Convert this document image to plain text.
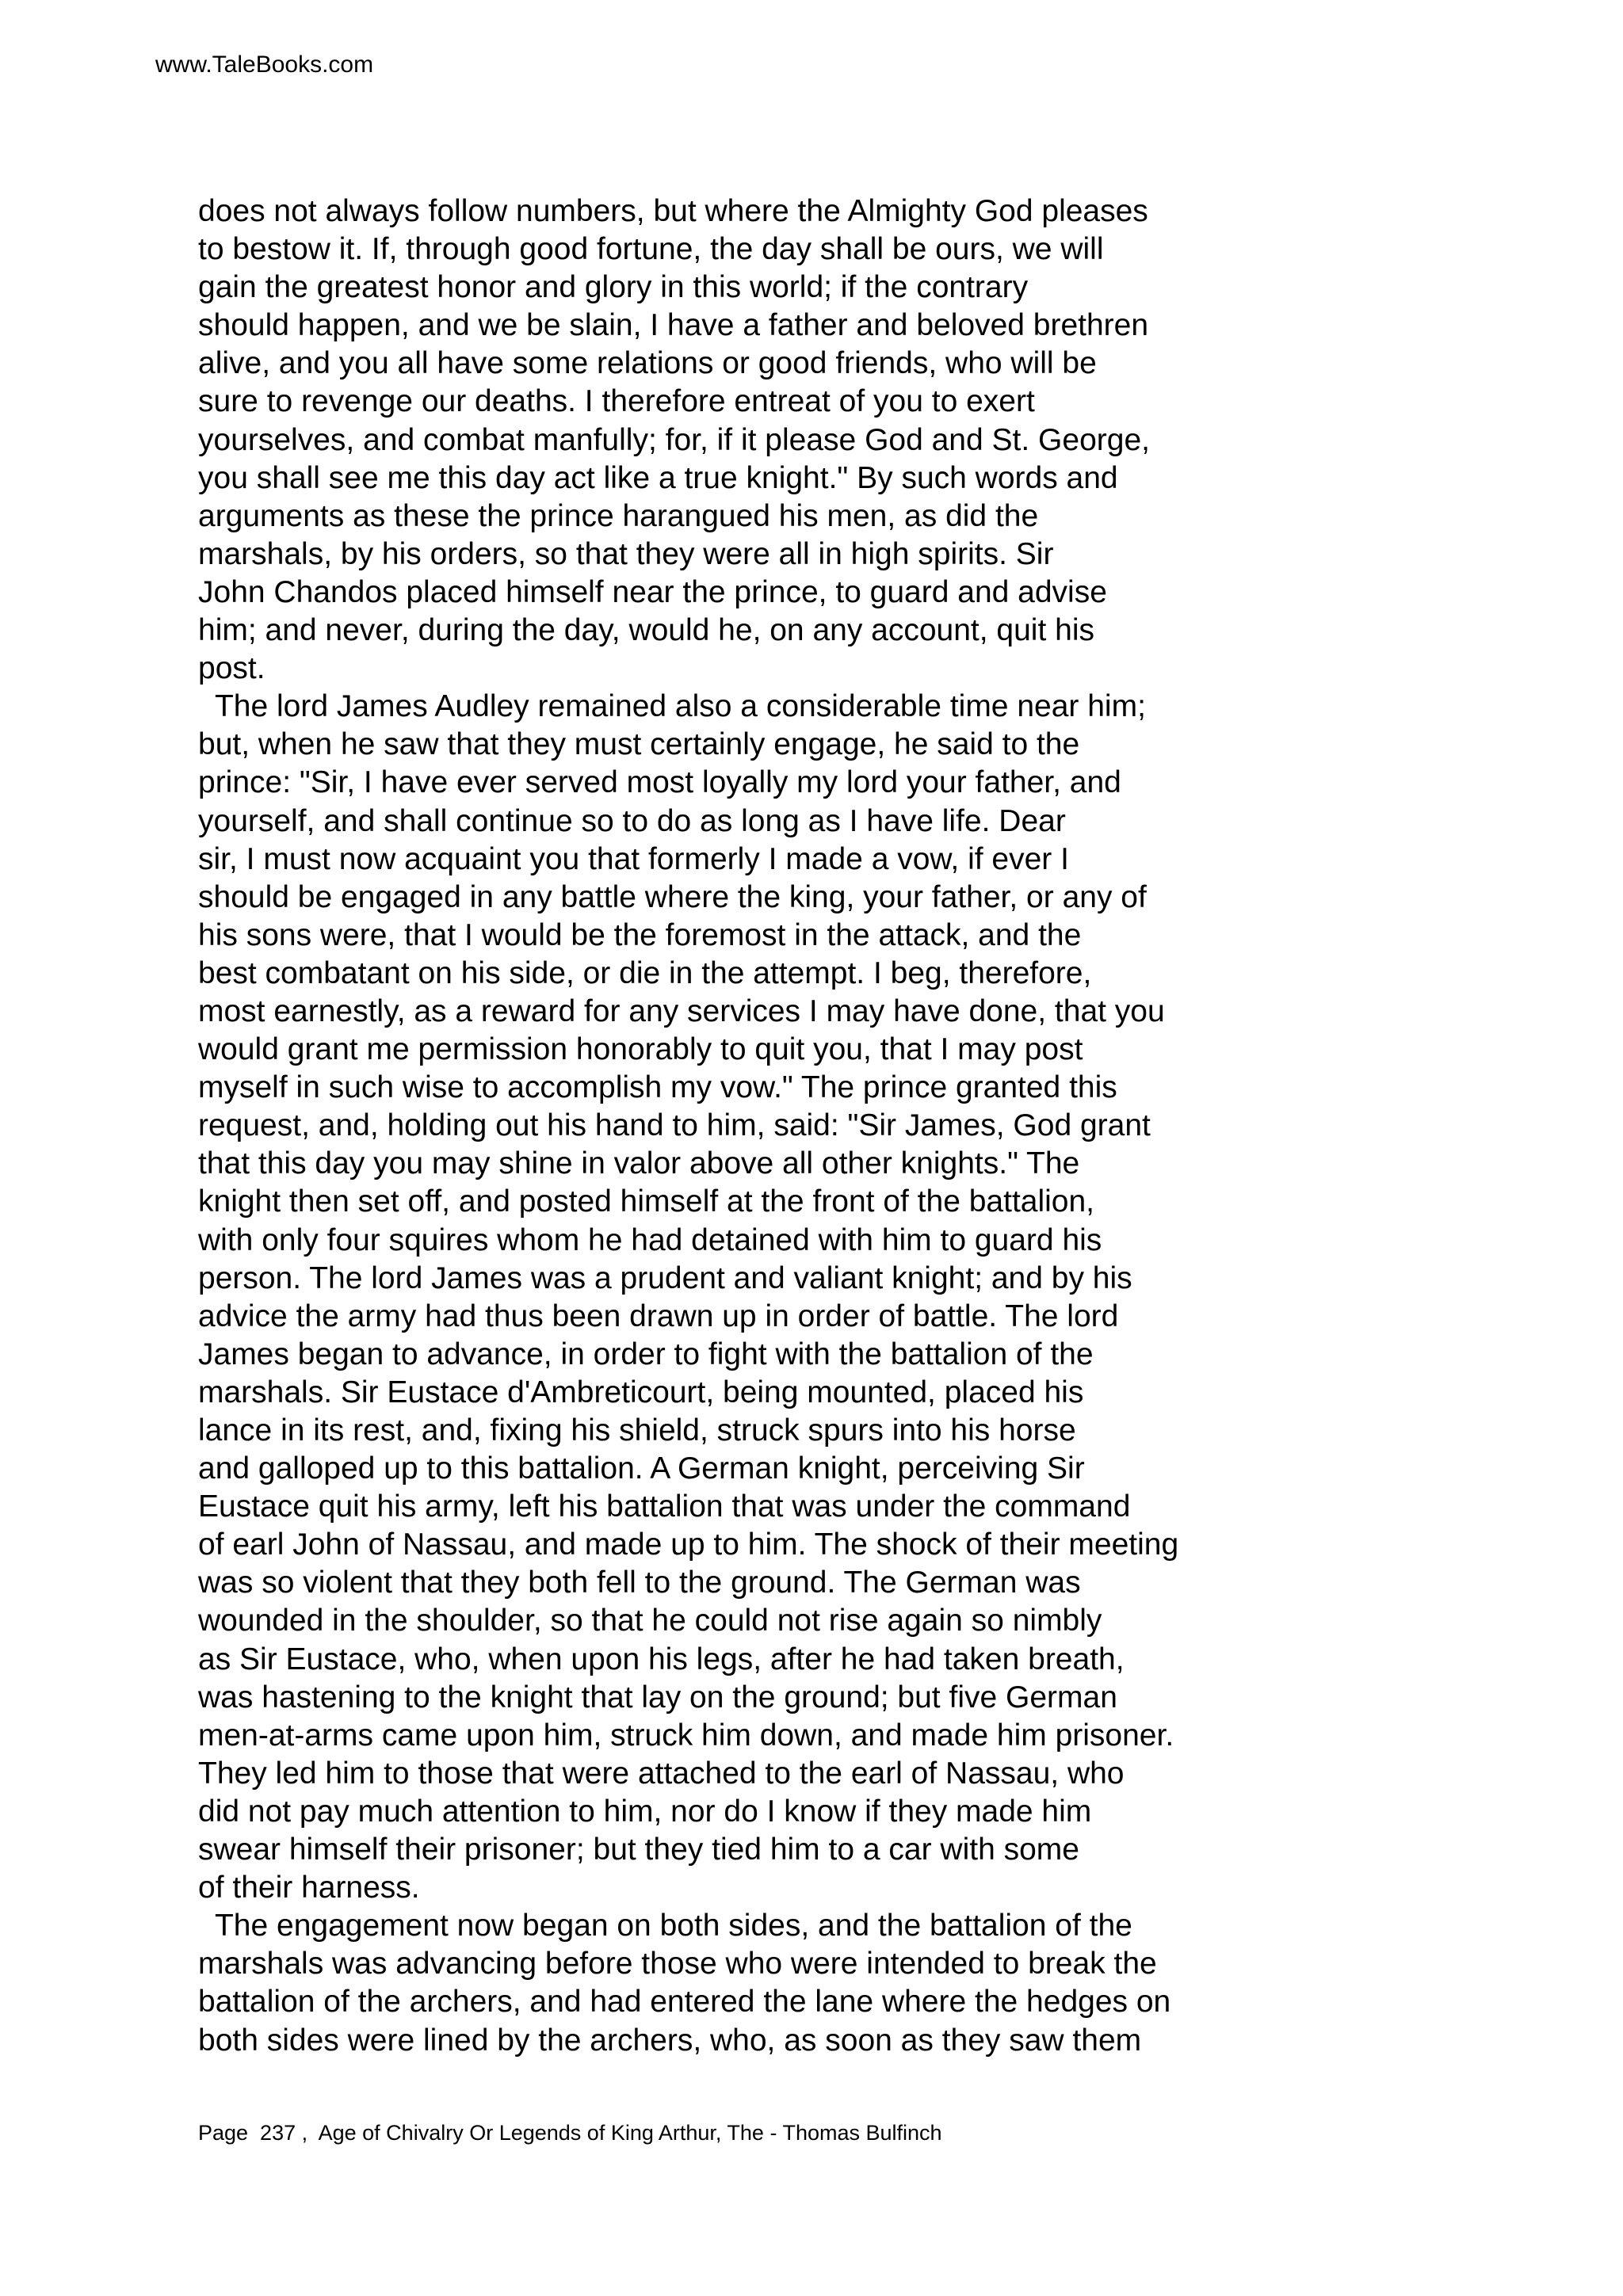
www.TaleBooks.com

does not always follow numbers, but where the Almighty God pleases

to bestow it. If, through good fortune, the day shall be ours, we will

gain the greatest honor and glory in this world; if the contrary

should happen, and we be slain, I have a father and beloved brethren

alive, and you all have some relations or good friends, who will be

sure to revenge our deaths. I therefore entreat of you to exert

yourselves, and combat manfully; for, if it please God and St. George,

you shall see me this day act like a true knight." By such words and

arguments as these the prince harangued his men, as did the

marshals, by his orders, so that they were all in high spirits. Sir

John Chandos placed himself near the prince, to guard and advise

him; and never, during the day, would he, on any account, quit his

post.

The lord James Audley remained also a considerable time near him;

but, when he saw that they must certainly engage, he said to the

prince: "Sir, I have ever served most loyally my lord your father, and

yourself, and shall continue so to do as long as I have life. Dear

sir, I must now acquaint you that formerly I made a vow, if ever I

should be engaged in any battle where the king, your father, or any of

his sons were, that I would be the foremost in the attack, and the

best combatant on his side, or die in the attempt. I beg, therefore,

most earnestly, as a reward for any services I may have done, that you

would grant me permission honorably to quit you, that I may post

myself in such wise to accomplish my vow." The prince granted this

request, and, holding out his hand to him, said: "Sir James, God grant

that this day you may shine in valor above all other knights." The

knight then set off, and posted himself at the front of the battalion,

with only four squires whom he had detained with him to guard his

person. The lord James was a prudent and valiant knight; and by his

advice the army had thus been drawn up in order of battle. The lord

James began to advance, in order to fight with the battalion of the

marshals. Sir Eustace d'Ambreticourt, being mounted, placed his

lance in its rest, and, fixing his shield, struck spurs into his horse

and galloped up to this battalion. A German knight, perceiving Sir

Eustace quit his army, left his battalion that was under the command

of earl John of Nassau, and made up to him. The shock of their meeting

was so violent that they both fell to the ground. The German was

wounded in the shoulder, so that he could not rise again so nimbly

as Sir Eustace, who, when upon his legs, after he had taken breath,

was hastening to the knight that lay on the ground; but five German

men-at-arms came upon him, struck him down, and made him prisoner.

They led him to those that were attached to the earl of Nassau, who

did not pay much attention to him, nor do I know if they made him

swear himself their prisoner; but they tied him to a car with some

of their harness.

The engagement now began on both sides, and the battalion of the

marshals was advancing before those who were intended to break the

battalion of the archers, and had entered the lane where the hedges on

both sides were lined by the archers, who, as soon as they saw them

Page  237 ,  Age of Chivalry Or Legends of King Arthur, The - Thomas Bulfinch
